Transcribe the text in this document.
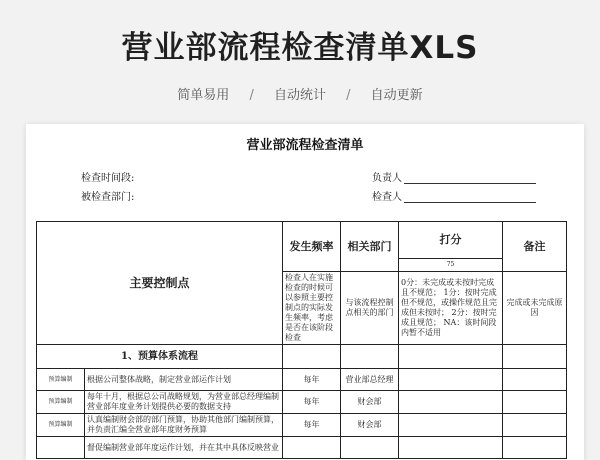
营业部流程检查清单XLS
简单易用 / 自动统计 / 自动更新
营业部流程检查清单
检查时间段:
被检查部门:
负责人
检查人
主要控制点		发生频率	相关部门	打分	备注
				75	
		检查人在实施检查的时候可以参照主要控制点的实际发生频率，考虑是否在该阶段检查	与该流程控制点相关的部门	0分：未完成或未按时完成且不规范； 1分：按时完成但不规范，或操作规范且完成但未按时； 2分：按时完成且规范； NA：该时间段内暂不适用	完成或未完成原因
1、预算体系流程					
预算编制	根据公司整体战略，制定营业部运作计划	每年	营业部总经理		
预算编制	每年十月，根据总公司战略规划，为营业部总经理编制营业部年度业务计划提供必要的数据支持	每年	财会部		
预算编制	认真编制财会部的部门预算，协助其他部门编制预算，并负责汇编全营业部年度财务预算	每年	财会部		
	督促编制营业部年度运作计划，并在其中具体反映营业				
